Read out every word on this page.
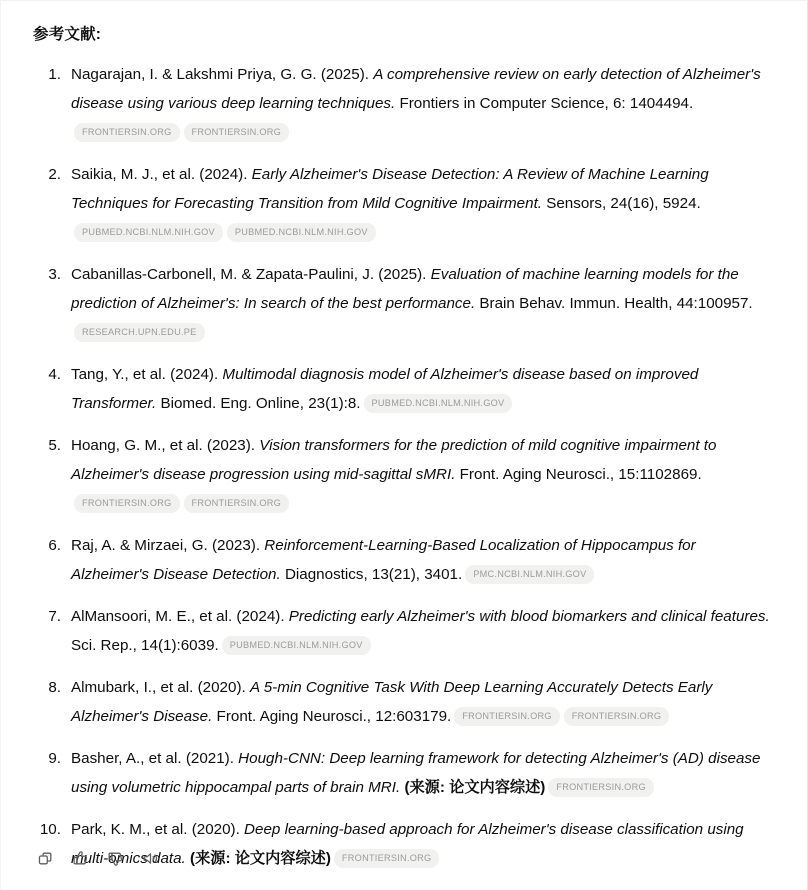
参考文献:
Nagarajan, I. & Lakshmi Priya, G. G. (2025). A comprehensive review on early detection of Alzheimer's disease using various deep learning techniques. Frontiers in Computer Science, 6: 1404494.FRONTIERSIN.ORG FRONTIERSIN.ORG
Saikia, M. J., et al. (2024). Early Alzheimer's Disease Detection: A Review of Machine Learning Techniques for Forecasting Transition from Mild Cognitive Impairment. Sensors, 24(16), 5924.PUBMED.NCBI.NLM.NIH.GOV PUBMED.NCBI.NLM.NIH.GOV
Cabanillas-Carbonell, M. & Zapata-Paulini, J. (2025). Evaluation of machine learning models for the prediction of Alzheimer's: In search of the best performance. Brain Behav. Immun. Health, 44:100957.RESEARCH.UPN.EDU.PE
Tang, Y., et al. (2024). Multimodal diagnosis model of Alzheimer's disease based on improved Transformer. Biomed. Eng. Online, 23(1):8. PUBMED.NCBI.NLM.NIH.GOV
Hoang, G. M., et al. (2023). Vision transformers for the prediction of mild cognitive impairment to Alzheimer's disease progression using mid-sagittal sMRI. Front. Aging Neurosci., 15:1102869.FRONTIERSIN.ORG FRONTIERSIN.ORG
Raj, A. & Mirzaei, G. (2023). Reinforcement-Learning-Based Localization of Hippocampus for Alzheimer's Disease Detection. Diagnostics, 13(21), 3401. PMC.NCBI.NLM.NIH.GOV
AlMansoori, M. E., et al. (2024). Predicting early Alzheimer's with blood biomarkers and clinical features. Sci. Rep., 14(1):6039. PUBMED.NCBI.NLM.NIH.GOV
Almubark, I., et al. (2020). A 5-min Cognitive Task With Deep Learning Accurately Detects Early Alzheimer's Disease. Front. Aging Neurosci., 12:603179. FRONTIERSIN.ORG FRONTIERSIN.ORG
Basher, A., et al. (2021). Hough-CNN: Deep learning framework for detecting Alzheimer's (AD) disease using volumetric hippocampal parts of brain MRI. (来源: 论文内容综述) FRONTIERSIN.ORG
Park, K. M., et al. (2020). Deep learning-based approach for Alzheimer's disease classification using multi-omics data. (来源: 论文内容综述) FRONTIERSIN.ORG
